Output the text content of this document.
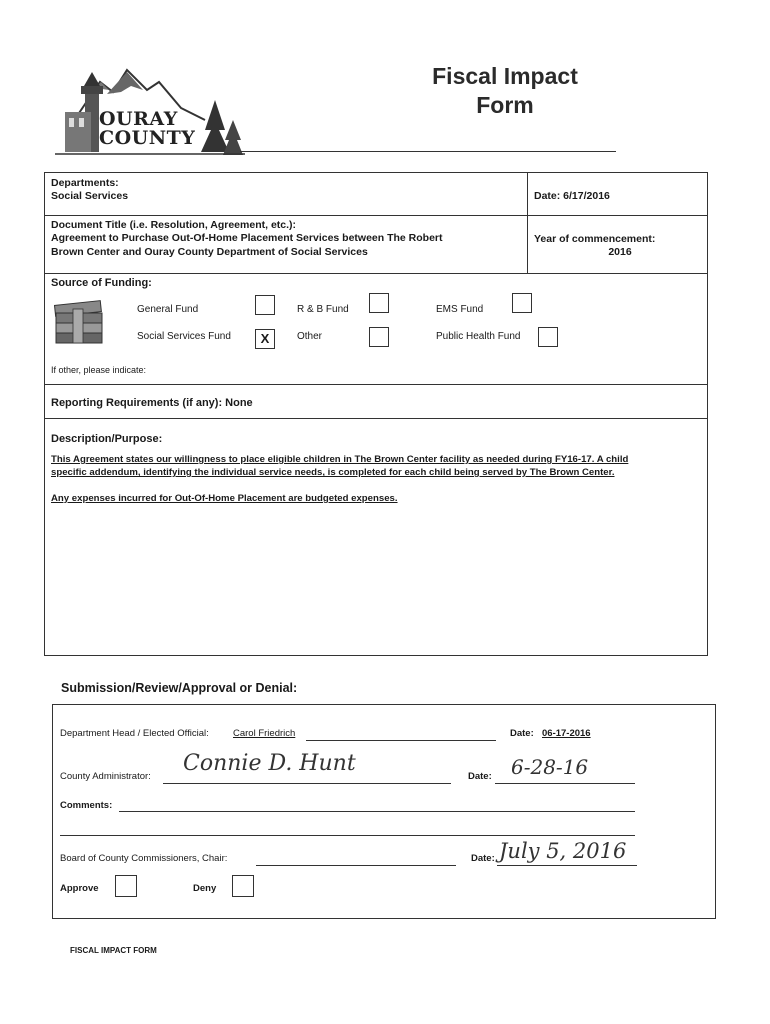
OURAY
COUNTY
Fiscal Impact
Form
Departments:
Social Services	Date: 6/17/2016
Document Title (i.e. Resolution, Agreement, etc.):
Agreement to Purchase Out-Of-Home Placement Services between The Robert
Brown Center and Ouray County Department of Social Services
Year of commencement:
2016
Source of Funding:
General Fund	R & B Fund	EMS Fund
Social Services Fund	X	Other	Public Health Fund
If other, please indicate:
Reporting Requirements (if any): None
Description/Purpose:
This Agreement states our willingness to place eligible children in The Brown Center facility as needed during FY16-17. A child
specific addendum, identifying the individual service needs, is completed for each child being served by The Brown Center.
Any expenses incurred for Out-Of-Home Placement are budgeted expenses.
Submission/Review/Approval or Denial:
Department Head / Elected Official:	Carol Friedrich	Date: 06-17-2016
County Administrator:
Connie D. Hunt
Date: 6-28-16
Comments:
Board of County Commissioners, Chair:	Date: July 5, 2016
Approve	Deny
FISCAL IMPACT FORM
